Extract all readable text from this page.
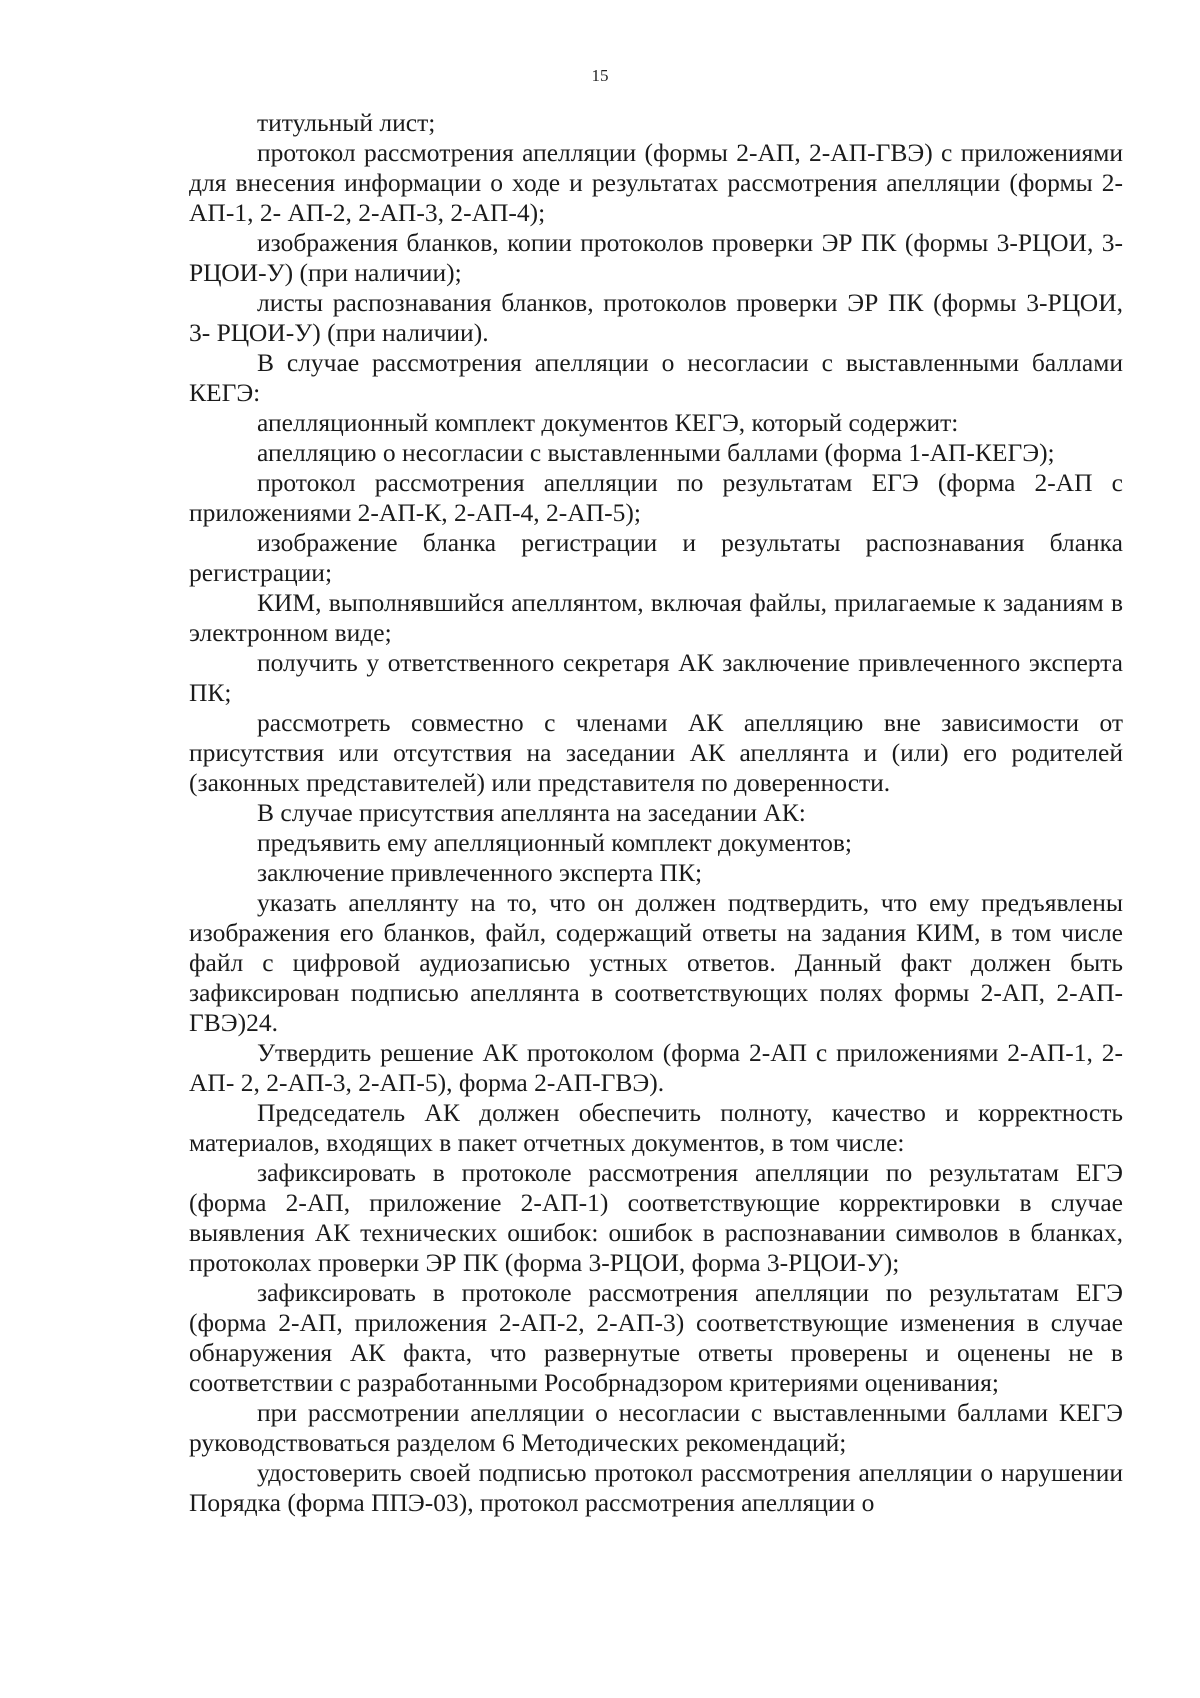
15

титульный лист;

протокол рассмотрения апелляции (формы 2-АП, 2-АП-ГВЭ) с приложениями для внесения информации о ходе и результатах рассмотрения апелляции (формы 2-АП-1, 2- АП-2, 2-АП-3, 2-АП-4);

изображения бланков, копии протоколов проверки ЭР ПК (формы 3-РЦОИ, 3- РЦОИ-У) (при наличии);

листы распознавания бланков, протоколов проверки ЭР ПК (формы 3-РЦОИ, 3- РЦОИ-У) (при наличии).

В случае рассмотрения апелляции о несогласии с выставленными баллами КЕГЭ:

апелляционный комплект документов КЕГЭ, который содержит:

апелляцию о несогласии с выставленными баллами (форма 1-АП-КЕГЭ);

протокол рассмотрения апелляции по результатам ЕГЭ (форма 2-АП с приложениями 2-АП-К, 2-АП-4, 2-АП-5);

изображение бланка регистрации и результаты распознавания бланка регистрации;

КИМ, выполнявшийся апеллянтом, включая файлы, прилагаемые к заданиям в электронном виде;

получить у ответственного секретаря АК заключение привлеченного эксперта ПК;

рассмотреть совместно с членами АК апелляцию вне зависимости от присутствия или отсутствия на заседании АК апеллянта и (или) его родителей (законных представителей) или представителя по доверенности.

В случае присутствия апеллянта на заседании АК:

предъявить ему апелляционный комплект документов;

заключение привлеченного эксперта ПК;

указать апеллянту на то, что он должен подтвердить, что ему предъявлены изображения его бланков, файл, содержащий ответы на задания КИМ, в том числе файл с цифровой аудиозаписью устных ответов. Данный факт должен быть зафиксирован подписью апеллянта в соответствующих полях формы 2-АП, 2-АП-ГВЭ)24.

Утвердить решение АК протоколом (форма 2-АП с приложениями 2-АП-1, 2-АП- 2, 2-АП-3, 2-АП-5), форма 2-АП-ГВЭ).

Председатель АК должен обеспечить полноту, качество и корректность материалов, входящих в пакет отчетных документов, в том числе:

зафиксировать в протоколе рассмотрения апелляции по результатам ЕГЭ (форма 2-АП, приложение 2-АП-1) соответствующие корректировки в случае выявления АК технических ошибок: ошибок в распознавании символов в бланках, протоколах проверки ЭР ПК (форма 3-РЦОИ, форма 3-РЦОИ-У);

зафиксировать в протоколе рассмотрения апелляции по результатам ЕГЭ (форма 2-АП, приложения 2-АП-2, 2-АП-3) соответствующие изменения в случае обнаружения АК факта, что развернутые ответы проверены и оценены не в соответствии с разработанными Рособрнадзором критериями оценивания;

при рассмотрении апелляции о несогласии с выставленными баллами КЕГЭ руководствоваться разделом 6 Методических рекомендаций;

удостоверить своей подписью протокол рассмотрения апелляции о нарушении Порядка (форма ППЭ-03), протокол рассмотрения апелляции о
